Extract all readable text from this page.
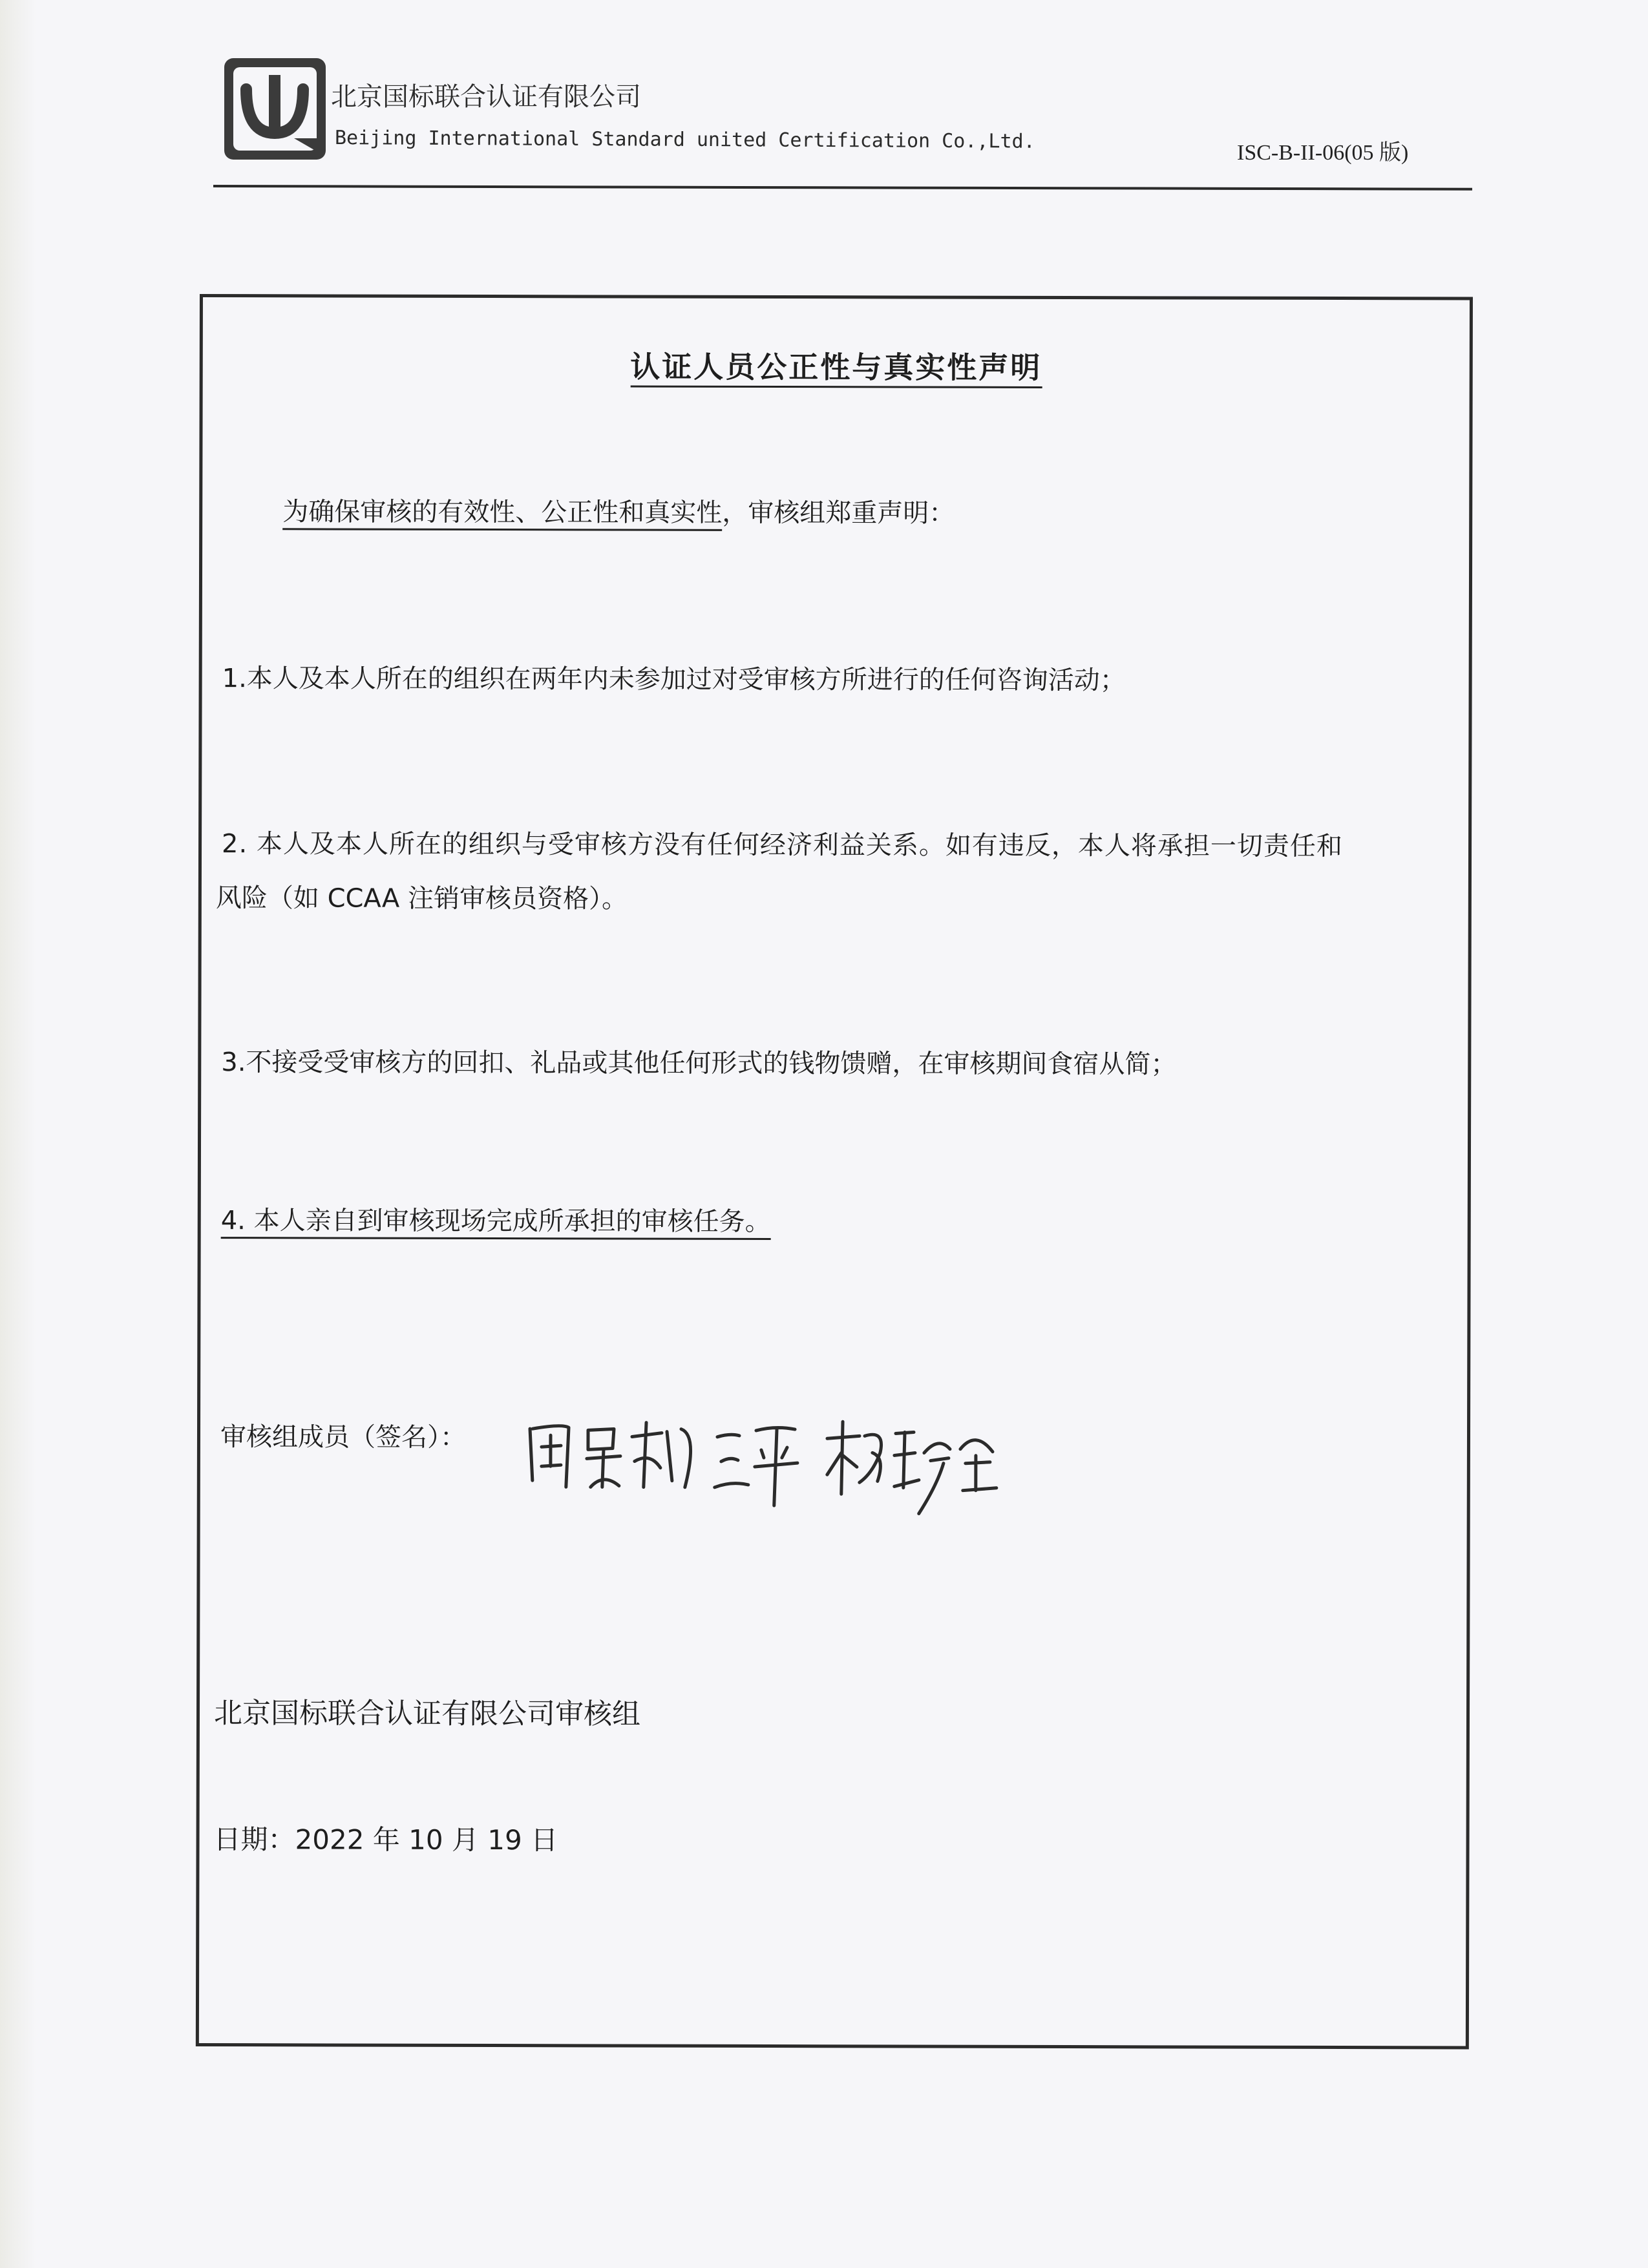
北京国标联合认证有限公司
Beijing International Standard united Certification Co.,Ltd.	ISC-B-II-06(05 版)
认证人员公正性与真实性声明
为确保审核的有效性、公正性和真实性，审核组郑重声明：
1.本人及本人所在的组织在两年内未参加过对受审核方所进行的任何咨询活动；
2. 本人及本人所在的组织与受审核方没有任何经济利益关系。如有违反，本人将承担一切责任和
风险（如 CCAA 注销审核员资格）。
3.不接受受审核方的回扣、礼品或其他任何形式的钱物馈赠，在审核期间食宿从简；
4. 本人亲自到审核现场完成所承担的审核任务。
审核组成员（签名）：
北京国标联合认证有限公司审核组
日期：2022 年 10 月 19 日
